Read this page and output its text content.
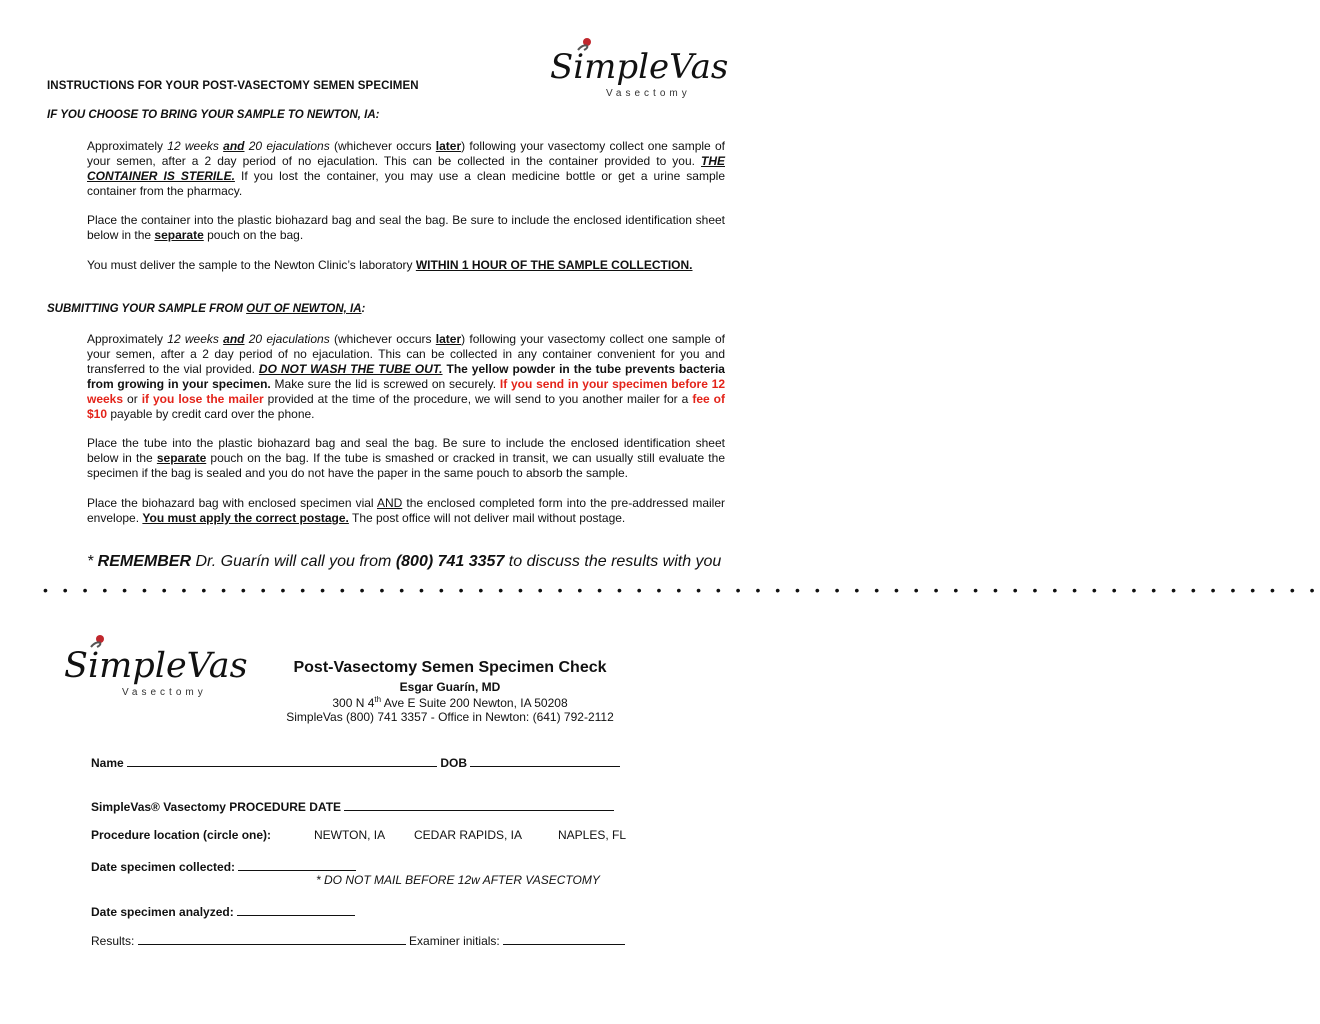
SimpleVas
Vasectomy
INSTRUCTIONS FOR YOUR POST-VASECTOMY SEMEN SPECIMEN
IF YOU CHOOSE TO BRING YOUR SAMPLE TO NEWTON, IA:
Approximately 12 weeks and 20 ejaculations (whichever occurs later) following your vasectomy collect one sample of your semen, after a 2 day period of no ejaculation. This can be collected in the container provided to you. THE CONTAINER IS STERILE. If you lost the container, you may use a clean medicine bottle or get a urine sample container from the pharmacy.
Place the container into the plastic biohazard bag and seal the bag. Be sure to include the enclosed identification sheet below in the separate pouch on the bag.
You must deliver the sample to the Newton Clinic’s laboratory WITHIN 1 HOUR OF THE SAMPLE COLLECTION.
SUBMITTING YOUR SAMPLE FROM OUT OF NEWTON, IA:
Approximately 12 weeks and 20 ejaculations (whichever occurs later) following your vasectomy collect one sample of your semen, after a 2 day period of no ejaculation. This can be collected in any container convenient for you and transferred to the vial provided. DO NOT WASH THE TUBE OUT. The yellow powder in the tube prevents bacteria from growing in your specimen. Make sure the lid is screwed on securely. If you send in your specimen before 12 weeks or if you lose the mailer provided at the time of the procedure, we will send to you another mailer for a fee of $10 payable by credit card over the phone.
Place the tube into the plastic biohazard bag and seal the bag. Be sure to include the enclosed identification sheet below in the separate pouch on the bag. If the tube is smashed or cracked in transit, we can usually still evaluate the specimen if the bag is sealed and you do not have the paper in the same pouch to absorb the sample.
Place the biohazard bag with enclosed specimen vial AND the enclosed completed form into the pre-addressed mailer envelope. You must apply the correct postage. The post office will not deliver mail without postage.
* REMEMBER Dr. Guarín will call you from (800) 741 3357 to discuss the results with you
• • • • • • • • • • • • • • • • • • • • • • • • • • • • • • • • • • • • • • • • • • • • • • • • • • • • • • • • • • • • • • • • •
SimpleVas
Vasectomy
Post-Vasectomy Semen Specimen Check
Esgar Guarín, MD
300 N 4th Ave E Suite 200 Newton, IA 50208
SimpleVas (800) 741 3357 - Office in Newton: (641) 792-2112
Name	DOB
SimpleVas® Vasectomy PROCEDURE DATE
Procedure location (circle one):	NEWTON, IA CEDAR RAPIDS, IA	NAPLES, FL
Date specimen collected:
* DO NOT MAIL BEFORE 12w AFTER VASECTOMY
Date specimen analyzed:
Results:	Examiner initials:
